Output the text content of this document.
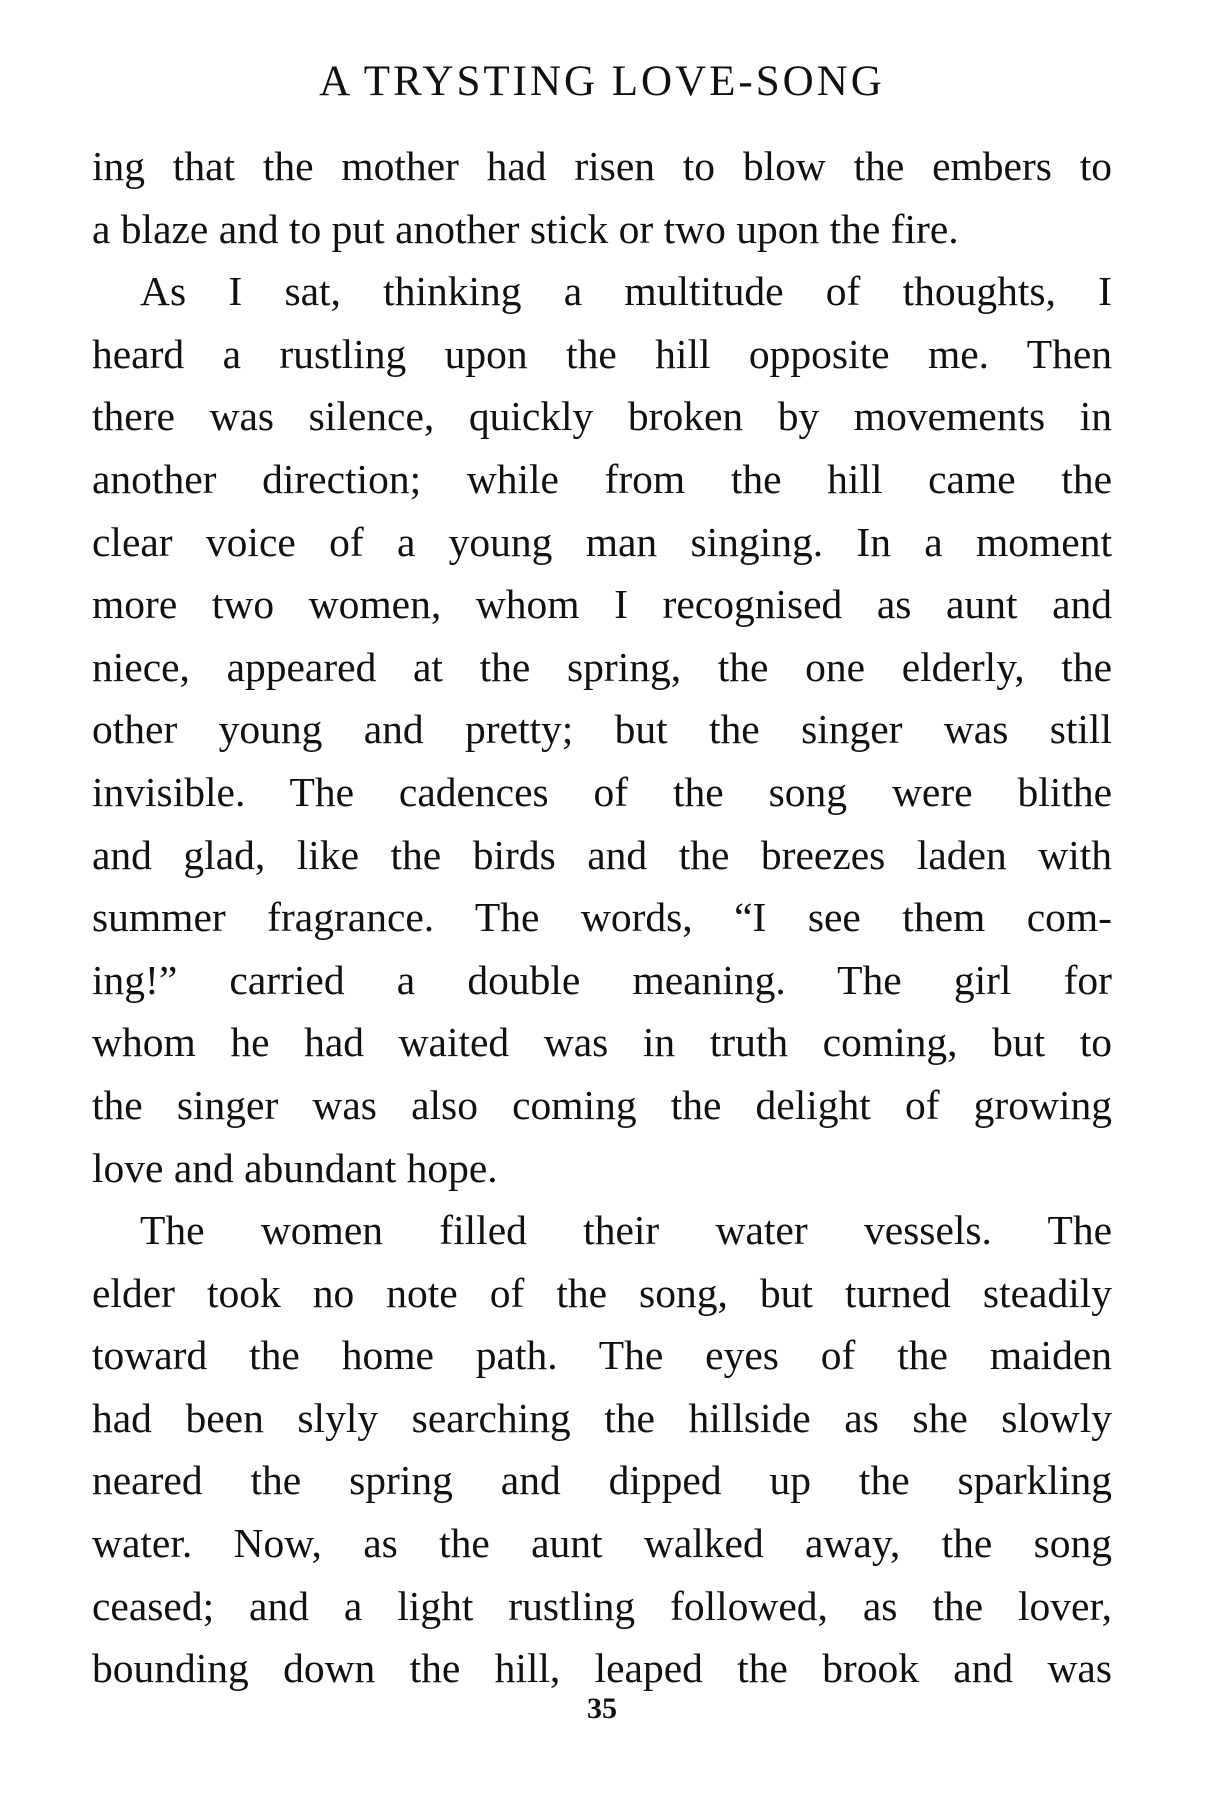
A TRYSTING LOVE-SONG
ing that the mother had risen to blow the embers to
a blaze and to put another stick or two upon the fire.
As I sat, thinking a multitude of thoughts, I
heard a rustling upon the hill opposite me. Then
there was silence, quickly broken by movements in
another direction; while from the hill came the
clear voice of a young man singing. In a moment
more two women, whom I recognised as aunt and
niece, appeared at the spring, the one elderly, the
other young and pretty; but the singer was still
invisible. The cadences of the song were blithe
and glad, like the birds and the breezes laden with
summer fragrance. The words, “I see them com-
ing!” carried a double meaning. The girl for
whom he had waited was in truth coming, but to
the singer was also coming the delight of growing
love and abundant hope.
The women filled their water vessels. The
elder took no note of the song, but turned steadily
toward the home path. The eyes of the maiden
had been slyly searching the hillside as she slowly
neared the spring and dipped up the sparkling
water. Now, as the aunt walked away, the song
ceased; and a light rustling followed, as the lover,
bounding down the hill, leaped the brook and was
35
